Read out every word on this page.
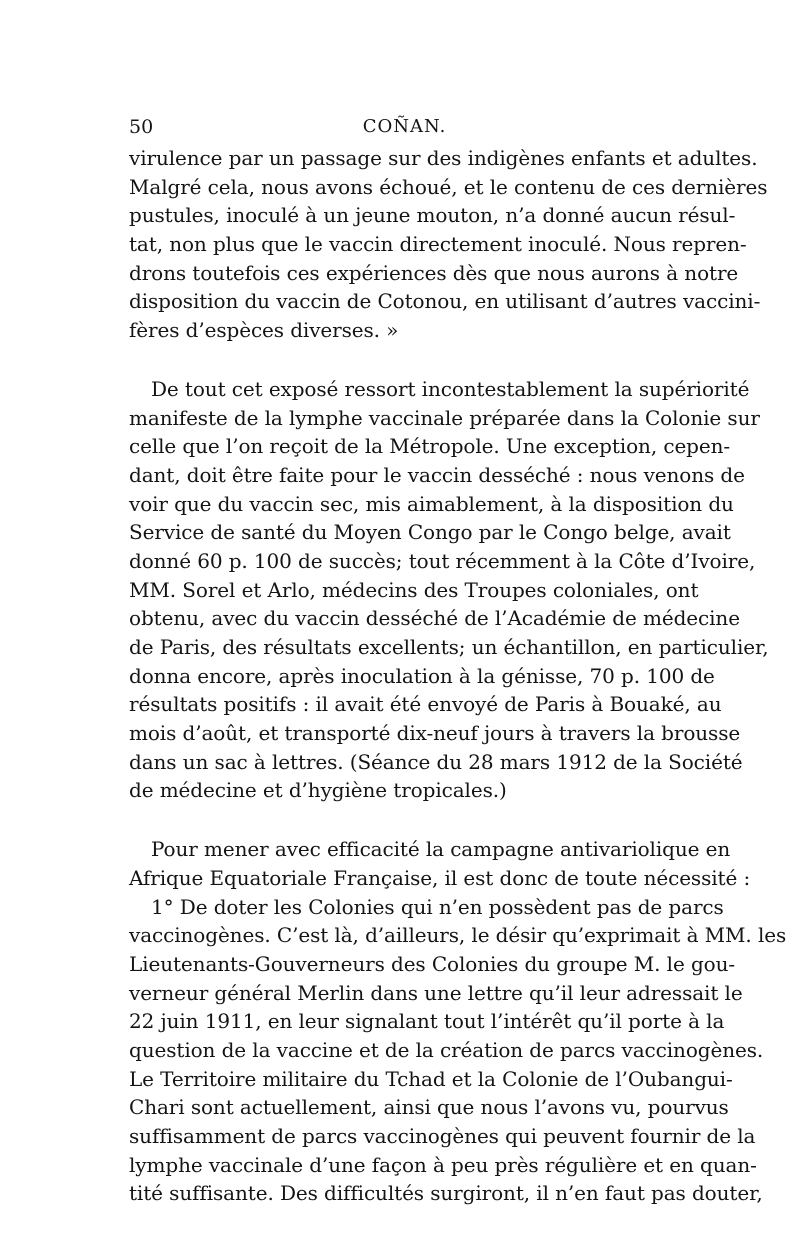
50	COÑAN.

virulence par un passage sur des indigènes enfants et adultes.
Malgré cela, nous avons échoué, et le contenu de ces dernières
pustules, inoculé à un jeune mouton, n’a donné aucun résul-
tat, non plus que le vaccin directement inoculé. Nous repren-
drons toutefois ces expériences dès que nous aurons à notre
disposition du vaccin de Cotonou, en utilisant d’autres vaccini-
fères d’espèces diverses. »

De tout cet exposé ressort incontestablement la supériorité
manifeste de la lymphe vaccinale préparée dans la Colonie sur
celle que l’on reçoit de la Métropole. Une exception, cepen-
dant, doit être faite pour le vaccin desséché : nous venons de
voir que du vaccin sec, mis aimablement, à la disposition du
Service de santé du Moyen Congo par le Congo belge, avait
donné 60 p. 100 de succès; tout récemment à la Côte d’Ivoire,
MM. Sorel et Arlo, médecins des Troupes coloniales, ont
obtenu, avec du vaccin desséché de l’Académie de médecine
de Paris, des résultats excellents; un échantillon, en particulier,
donna encore, après inoculation à la génisse, 70 p. 100 de
résultats positifs : il avait été envoyé de Paris à Bouaké, au
mois d’août, et transporté dix-neuf jours à travers la brousse
dans un sac à lettres. (Séance du 28 mars 1912 de la Société
de médecine et d’hygiène tropicales.)

Pour mener avec efficacité la campagne antivariolique en
Afrique Equatoriale Française, il est donc de toute nécessité :

1° De doter les Colonies qui n’en possèdent pas de parcs
vaccinogènes. C’est là, d’ailleurs, le désir qu’exprimait à MM. les
Lieutenants-Gouverneurs des Colonies du groupe M. le gou-
verneur général Merlin dans une lettre qu’il leur adressait le
22 juin 1911, en leur signalant tout l’intérêt qu’il porte à la
question de la vaccine et de la création de parcs vaccinogènes.
Le Territoire militaire du Tchad et la Colonie de l’Oubangui-
Chari sont actuellement, ainsi que nous l’avons vu, pourvus
suffisamment de parcs vaccinogènes qui peuvent fournir de la
lymphe vaccinale d’une façon à peu près régulière et en quan-
tité suffisante. Des difficultés surgiront, il n’en faut pas douter,
